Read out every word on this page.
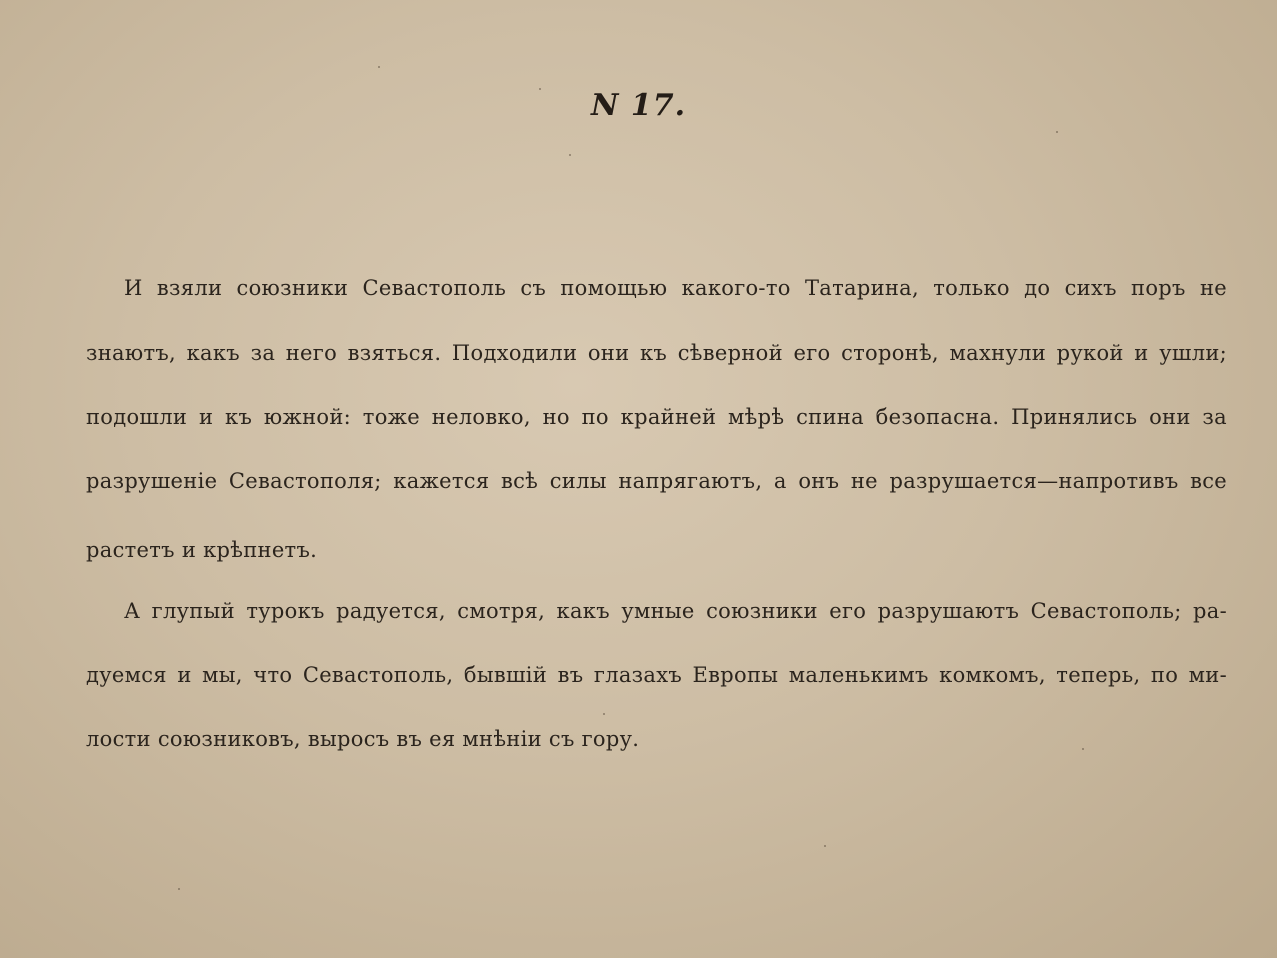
N 17.
И взяли союзники Севастополь съ помощью какого-то Татарина, только до сихъ поръ не
знаютъ, какъ за него взяться. Подходили они къ сѣверной его сторонѣ, махнули рукой и ушли;
подошли и къ южной: тоже неловко, но по крайней мѣрѣ спина безопасна. Принялись они за
разрушеніе Севастополя; кажется всѣ силы напрягаютъ, а онъ не разрушается—напротивъ все
растетъ и крѣпнетъ.
А глупый турокъ радуется, смотря, какъ умные союзники его разрушаютъ Севастополь; ра-
дуемся и мы, что Севастополь, бывшій въ глазахъ Европы маленькимъ комкомъ, теперь, по ми-
лости союзниковъ, выросъ въ ея мнѣніи съ гору.
